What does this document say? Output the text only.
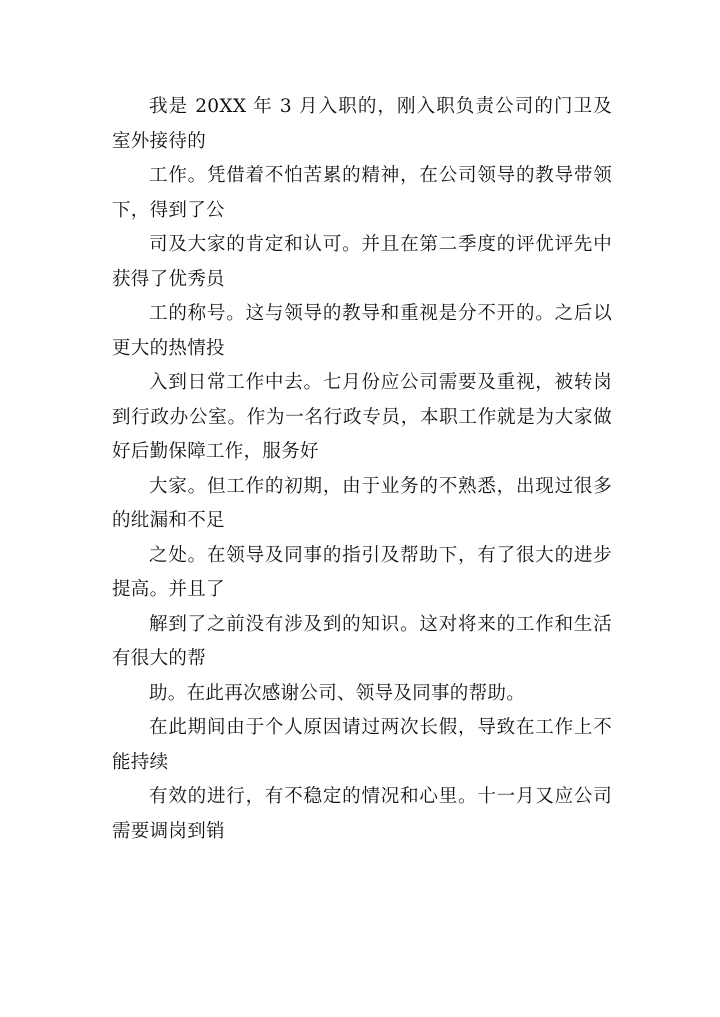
我是 20XX 年 3 月入职的，刚入职负责公司的门卫及室外接待的

工作。凭借着不怕苦累的精神，在公司领导的教导带领下，得到了公

司及大家的肯定和认可。并且在第二季度的评优评先中获得了优秀员

工的称号。这与领导的教导和重视是分不开的。之后以更大的热情投

入到日常工作中去。七月份应公司需要及重视，被转岗到行政办公室。作为一名行政专员，本职工作就是为大家做好后勤保障工作，服务好

大家。但工作的初期，由于业务的不熟悉，出现过很多的纰漏和不足

之处。在领导及同事的指引及帮助下，有了很大的进步提高。并且了

解到了之前没有涉及到的知识。这对将来的工作和生活有很大的帮

助。在此再次感谢公司、领导及同事的帮助。

在此期间由于个人原因请过两次长假，导致在工作上不能持续

有效的进行，有不稳定的情况和心里。十一月又应公司需要调岗到销
